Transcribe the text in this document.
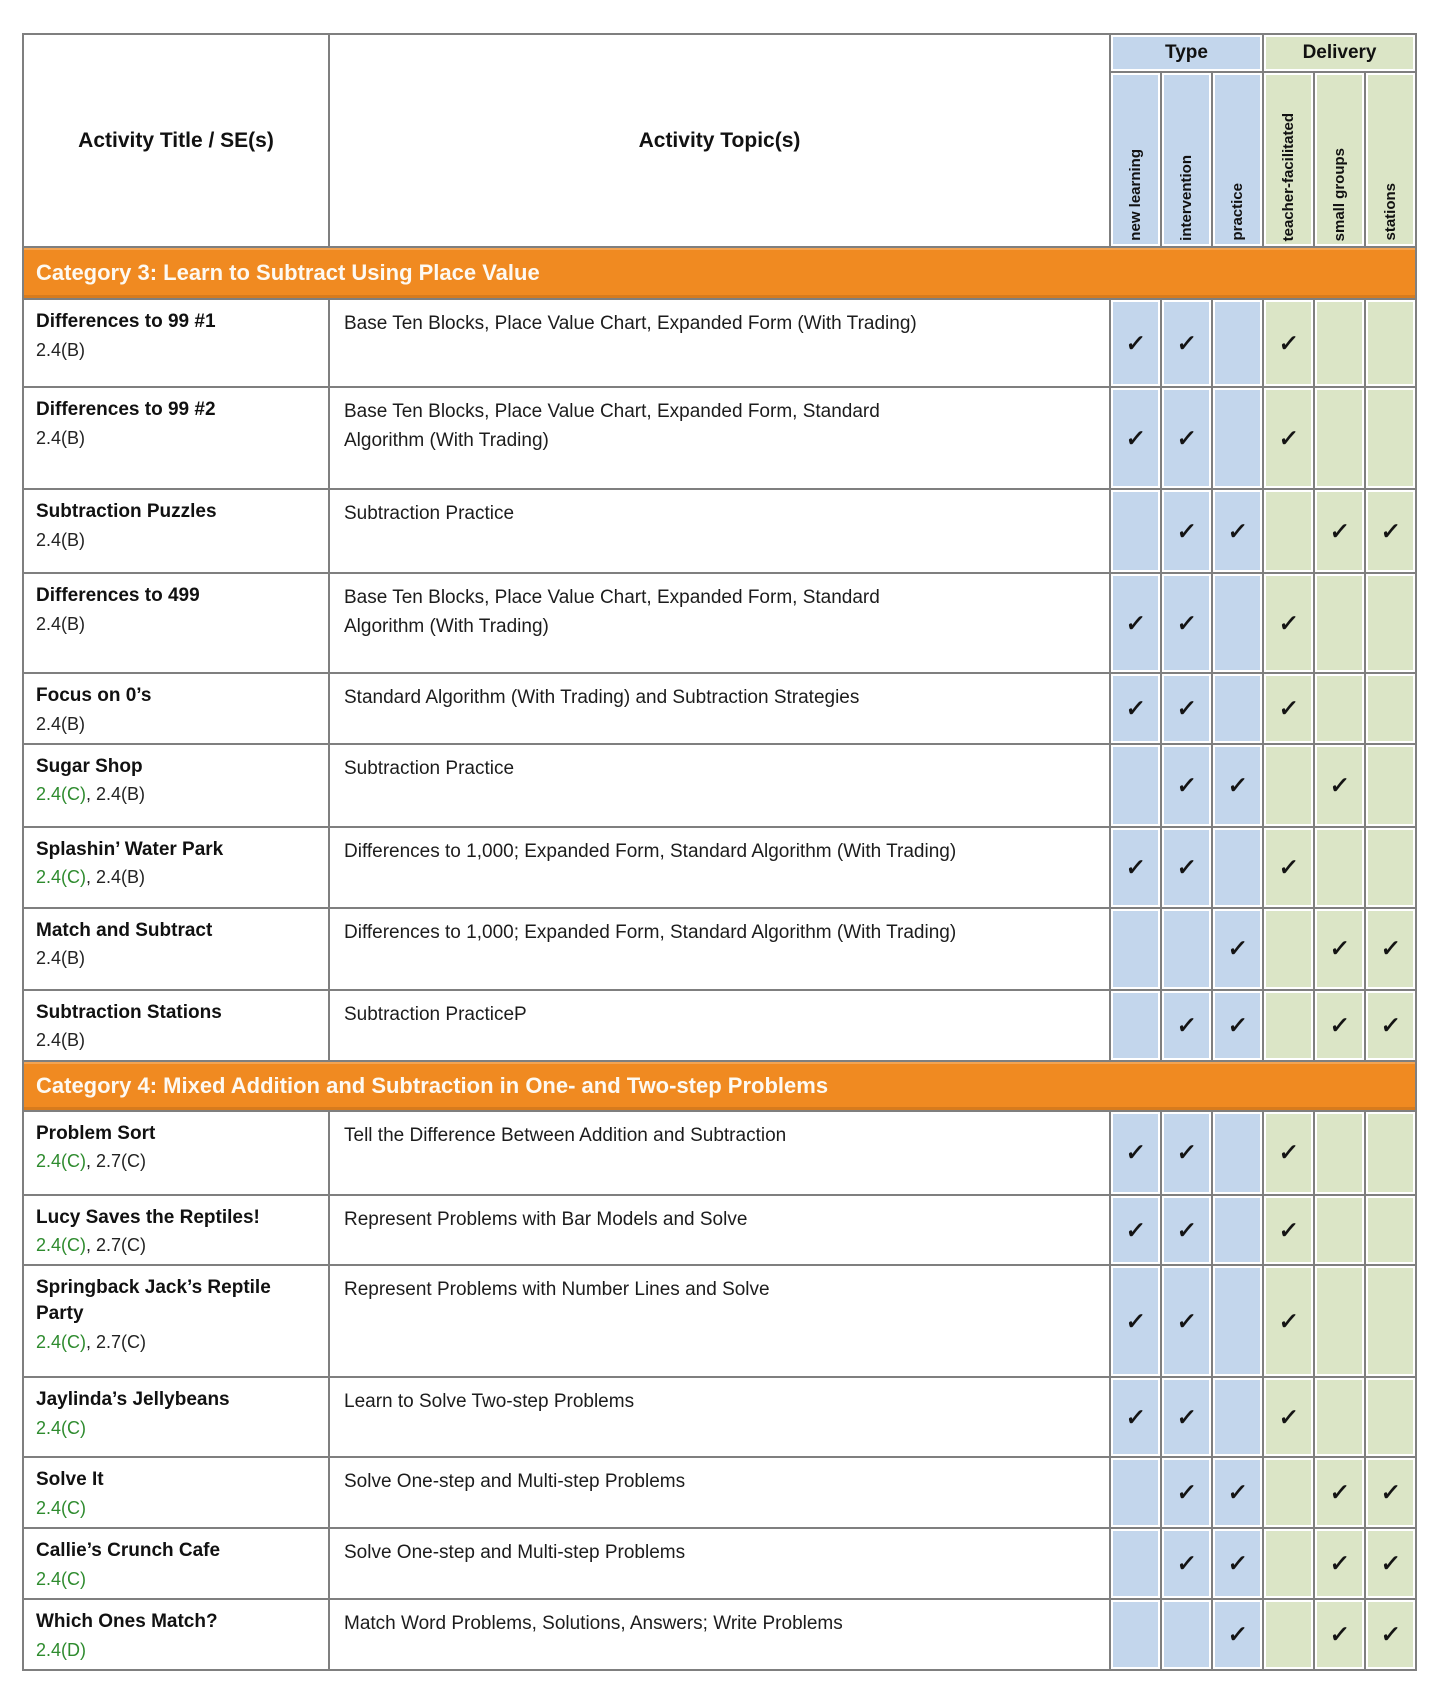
Activity Title / SE(s)	Activity Topic(s)	Type			Delivery		
		new learning	intervention	practice	teacher-facilitated	small groups	stations
Category 3: Learn to Subtract Using Place Value							

Differences to 99 #1
2.4(B)	Base Ten Blocks, Place Value Chart, Expanded Form (With Trading)	✓	✓		✓		

Differences to 99 #2
2.4(B)	Base Ten Blocks, Place Value Chart, Expanded Form, Standard Algorithm (With Trading)	✓	✓		✓		

Subtraction Puzzles
2.4(B)	Subtraction Practice		✓	✓		✓	✓

Differences to 499
2.4(B)	Base Ten Blocks, Place Value Chart, Expanded Form, Standard Algorithm (With Trading)	✓	✓		✓		

Focus on 0’s
2.4(B)	Standard Algorithm (With Trading) and Subtraction Strategies	✓	✓		✓		

Sugar Shop
2.4(C), 2.4(B)	Subtraction Practice		✓	✓		✓	

Splashin’ Water Park
2.4(C), 2.4(B)	Differences to 1,000; Expanded Form, Standard Algorithm (With Trading)	✓	✓		✓		

Match and Subtract
2.4(B)	Differences to 1,000; Expanded Form, Standard Algorithm (With Trading)			✓		✓	✓

Subtraction Stations
2.4(B)	Subtraction PracticeP		✓	✓		✓	✓
Category 4: Mixed Addition and Subtraction in One- and Two-step Problems							

Problem Sort
2.4(C), 2.7(C)	Tell the Difference Between Addition and Subtraction	✓	✓		✓		

Lucy Saves the Reptiles!
2.4(C), 2.7(C)	Represent Problems with Bar Models and Solve	✓	✓		✓		

Springback Jack’s Reptile Party
2.4(C), 2.7(C)	Represent Problems with Number Lines and Solve	✓	✓		✓		

Jaylinda’s Jellybeans
2.4(C)	Learn to Solve Two-step Problems	✓	✓		✓		

Solve It
2.4(C)	Solve One-step and Multi-step Problems		✓	✓		✓	✓

Callie’s Crunch Cafe
2.4(C)	Solve One-step and Multi-step Problems		✓	✓		✓	✓

Which Ones Match?
2.4(D)	Match Word Problems, Solutions, Answers; Write Problems			✓		✓	✓
